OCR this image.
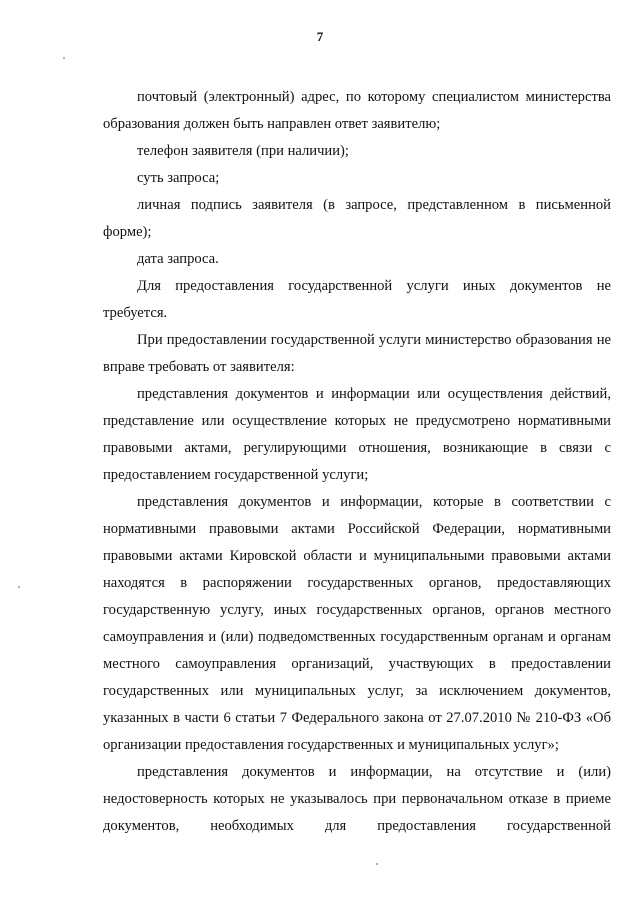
7

почтовый (электронный) адрес, по которому специалистом министерства образования должен быть направлен ответ заявителю;

телефон заявителя (при наличии);

суть запроса;

личная подпись заявителя (в запросе, представленном в письменной форме);

дата запроса.

Для предоставления государственной услуги иных документов не требуется.

При предоставлении государственной услуги министерство образования не вправе требовать от заявителя:

представления документов и информации или осуществления действий, представление или осуществление которых не предусмотрено нормативными правовыми актами, регулирующими отношения, возникающие в связи с предоставлением государственной услуги;

представления документов и информации, которые в соответствии с нормативными правовыми актами Российской Федерации, нормативными правовыми актами Кировской области и муниципальными правовыми актами находятся в распоряжении государственных органов, предоставляющих государственную услугу, иных государственных органов, органов местного самоуправления и (или) подведомственных государственным органам и органам местного самоуправления организаций, участвующих в предоставлении государственных или муниципальных услуг, за исключением документов, указанных в части 6 статьи 7 Федерального закона от 27.07.2010 № 210-ФЗ «Об организации предоставления государственных и муниципальных услуг»;

представления документов и информации, на отсутствие и (или) недостоверность которых не указывалось при первоначальном отказе в приеме документов, необходимых для предоставления государственной
